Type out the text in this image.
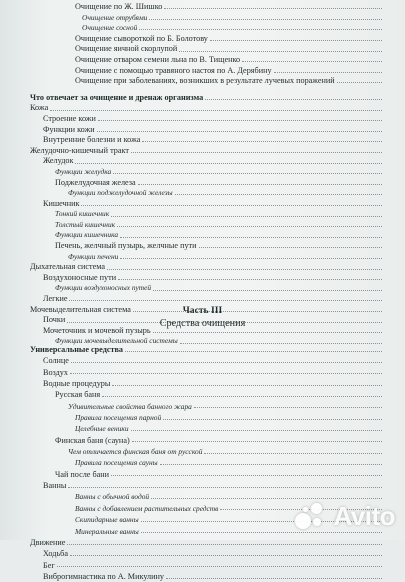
Очищение по Ж. Шишко
Очищение отрубями
Очищение сосной
Очищение сывороткой по Б. Болотову
Очищение яичной скорлупой
Очищение отваром семени льна по В. Тищенко
Очищение с помощью травяного настоя по А. Дерябину
Очищение при заболеваниях, возникших в результате лучевых поражений
Что отвечает за очищение и дренаж организма
Кожа
Строение кожи
Функции кожи
Внутренние болезни и кожа
Желудочно-кишечный тракт
Желудок
Функции желудка
Поджелудочная железа
Функции поджелудочной железы
Кишечник
Тонкий кишечник
Толстый кишечник
Функции кишечника
Печень, желчный пузырь, желчные пути
Функции печени
Дыхательная система
Воздухоносные пути
Функции воздухоносных путей
Легкие
Мочевыделительная система
Почки
Мочеточник и мочевой пузырь
Функции мочевыделительной системы
Часть III
Средства очищения
Универсальные средства
Солнце
Воздух
Водные процедуры
Русская баня
Удивительные свойства банного жара
Правила посещения парной
Целебные веники
Финская баня (сауна)
Чем отличается финская баня от русской
Правила посещения сауны
Чай после бани
Ванны
Ванны с обычной водой
Ванны с добавлением растительных средств
Скипидарные ванны
Минеральные ванны
Движение
Ходьба
Бег
Виброгимнастика по А. Микулину
Avito
